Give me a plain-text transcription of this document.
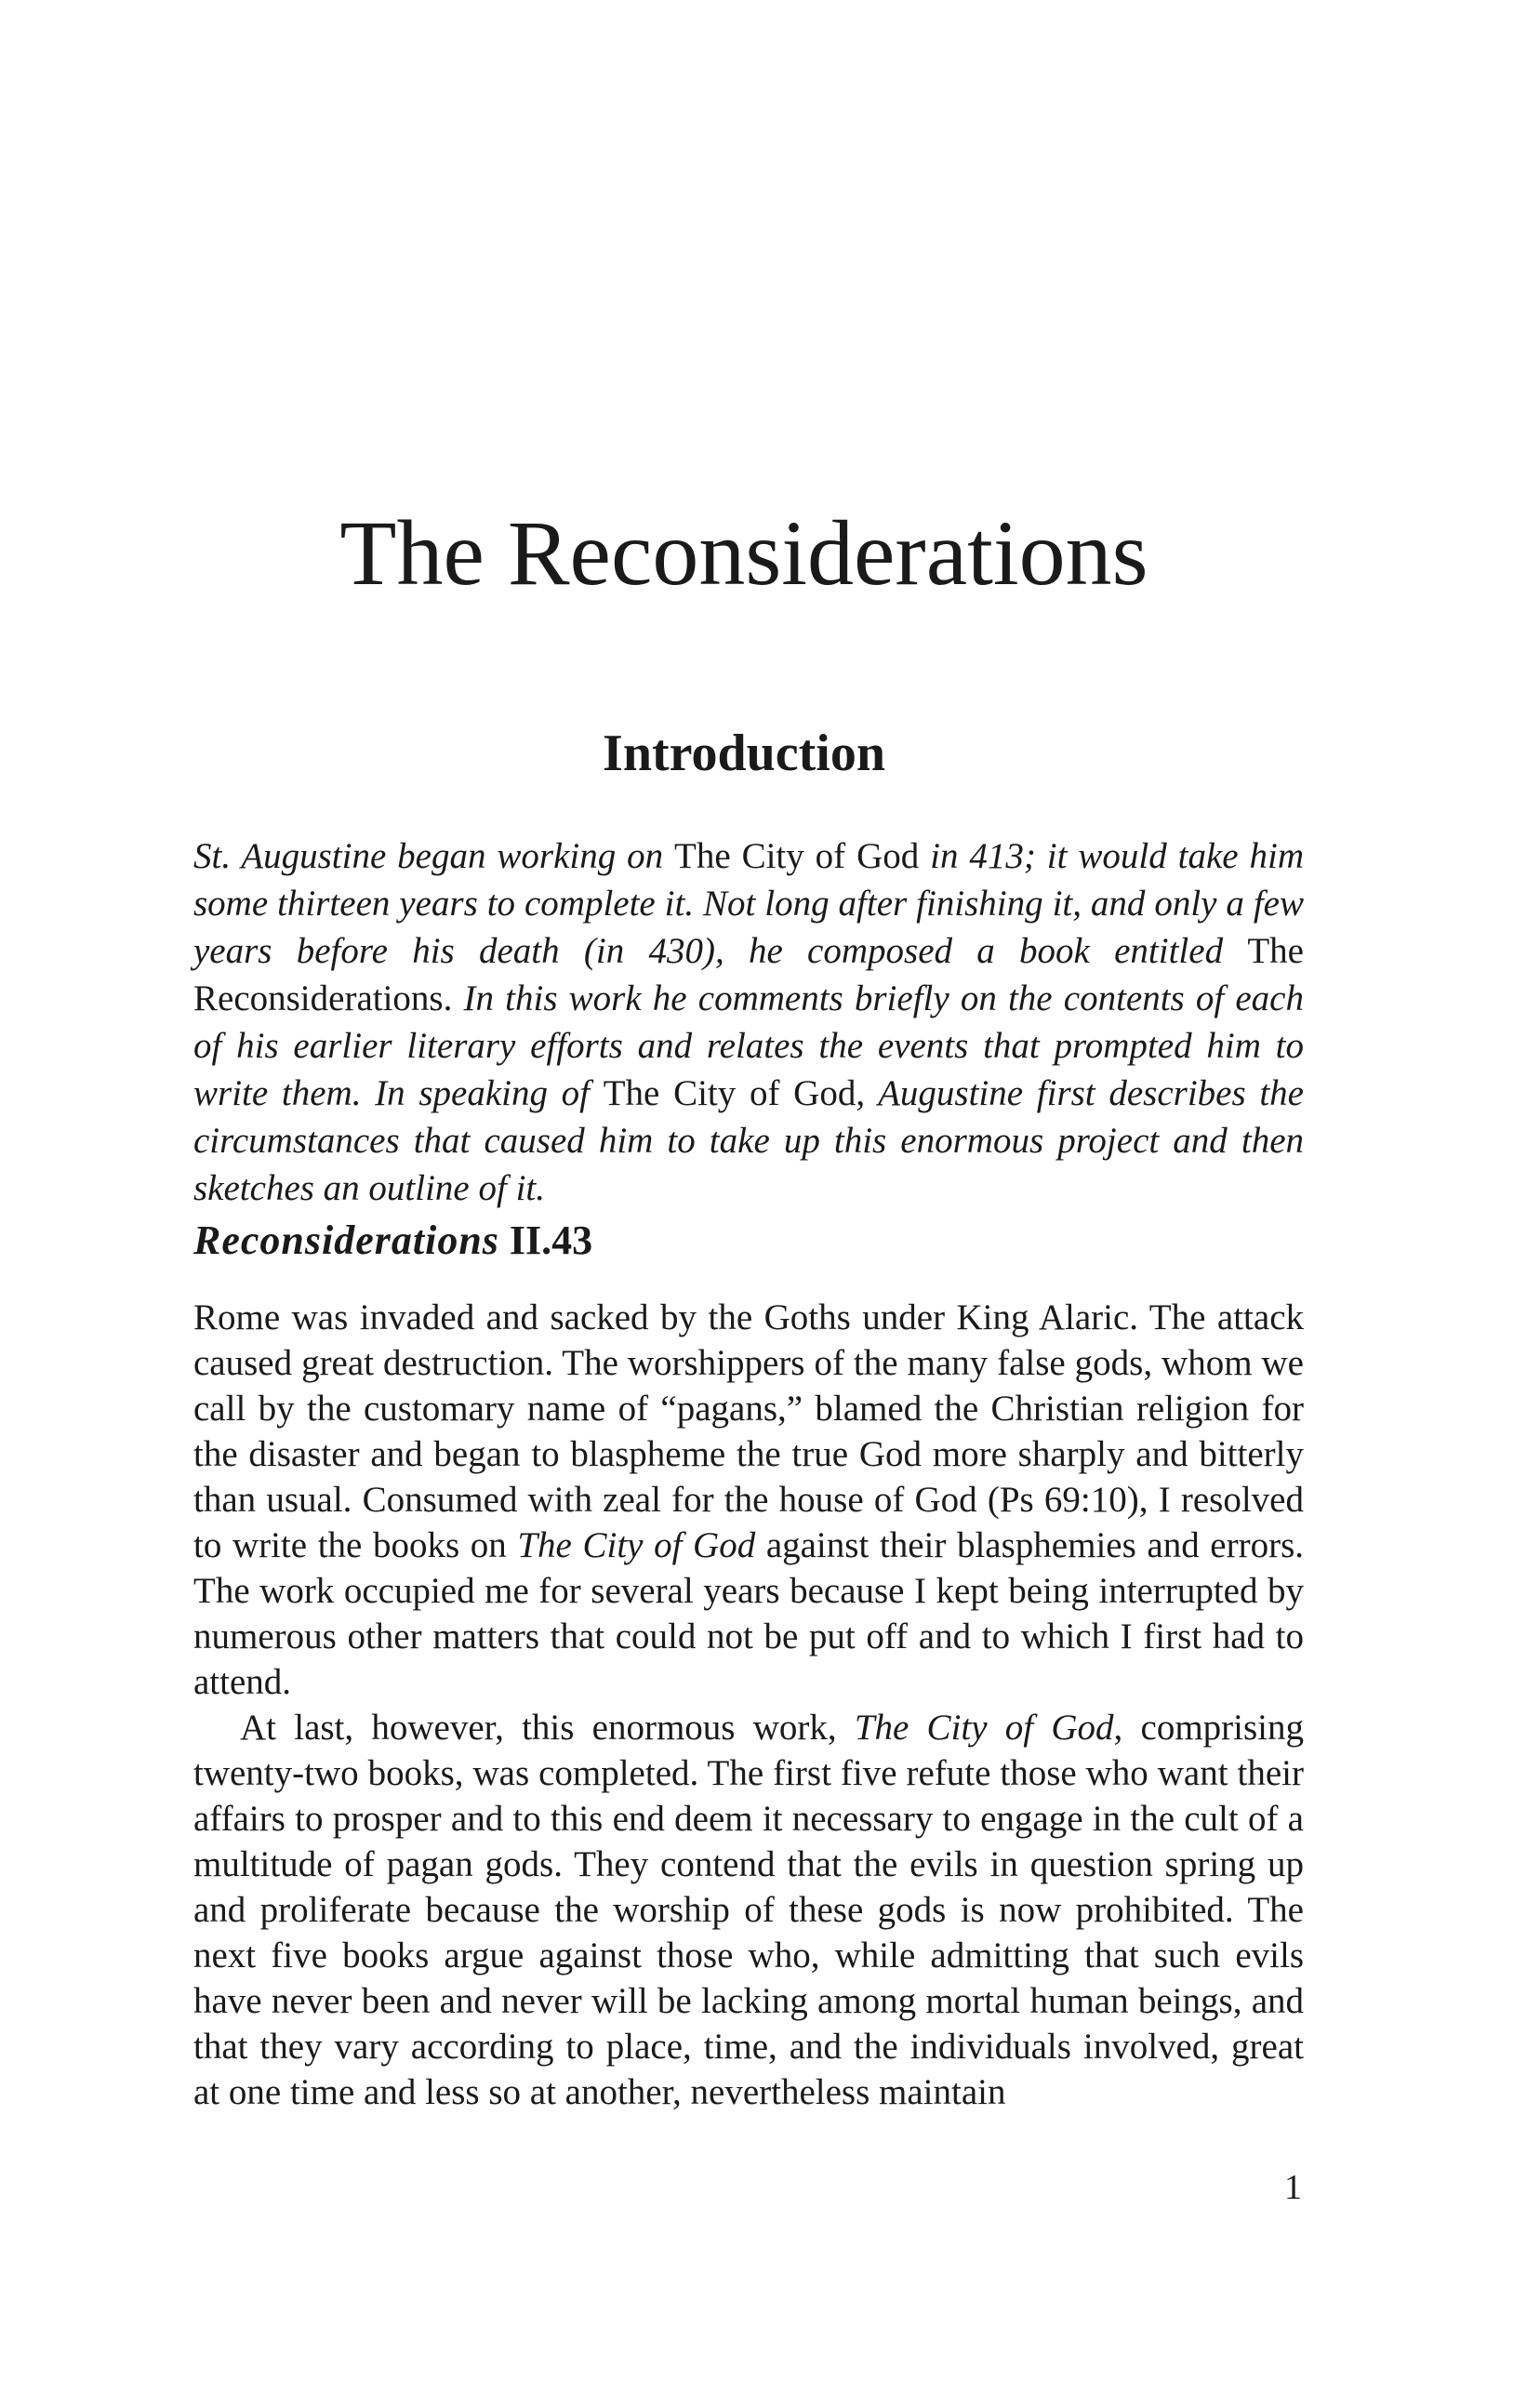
The Reconsiderations
Introduction

St. Augustine began working on The City of God in 413; it would take him some thirteen years to complete it. Not long after finishing it, and only a few years before his death (in 430), he composed a book entitled The Reconsiderations. In this work he comments briefly on the contents of each of his earlier literary efforts and relates the events that prompted him to write them. In speaking of The City of God, Augustine first describes the circumstances that caused him to take up this enormous project and then sketches an outline of it.

Reconsiderations II.43

Rome was invaded and sacked by the Goths under King Alaric. The attack caused great destruction. The worshippers of the many false gods, whom we call by the customary name of “pagans,” blamed the Christian religion for the disaster and began to blaspheme the true God more sharply and bitterly than usual. Consumed with zeal for the house of God (Ps 69:10), I resolved to write the books on The City of God against their blasphemies and errors. The work occupied me for several years because I kept being interrupted by numerous other matters that could not be put off and to which I first had to attend.

At last, however, this enormous work, The City of God, comprising twenty-two books, was completed. The first five refute those who want their affairs to prosper and to this end deem it necessary to engage in the cult of a multitude of pagan gods. They contend that the evils in question spring up and proliferate because the worship of these gods is now prohibited. The next five books argue against those who, while admitting that such evils have never been and never will be lacking among mortal human beings, and that they vary according to place, time, and the individuals involved, great at one time and less so at another, nevertheless maintain

1
